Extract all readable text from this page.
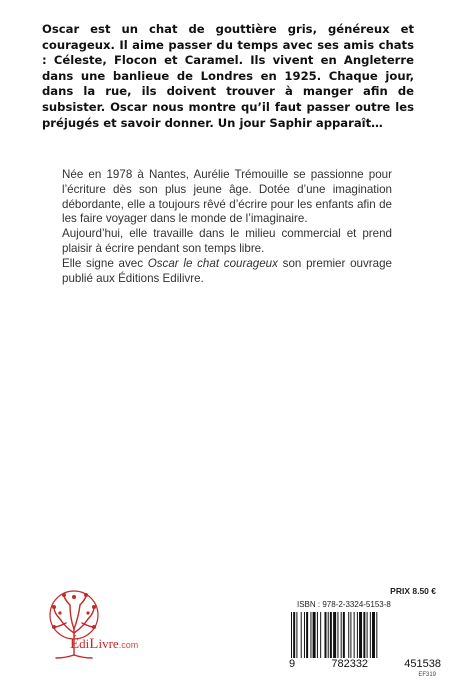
Oscar est un chat de gouttière gris, généreux et courageux. Il aime passer du temps avec ses amis chats : Céleste, Flocon et Caramel. Ils vivent en Angleterre dans une banlieue de Londres en 1925. Chaque jour, dans la rue, ils doivent trouver à manger afin de subsister. Oscar nous montre qu’il faut passer outre les préjugés et savoir donner. Un jour Saphir apparaît…

Née en 1978 à Nantes, Aurélie Trémouille se passionne pour l’écriture dès son plus jeune âge. Dotée d’une imagination débordante, elle a toujours rêvé d’écrire pour les enfants afin de les faire voyager dans le monde de l’imaginaire.

Aujourd’hui, elle travaille dans le milieu commercial et prend plaisir à écrire pendant son temps libre.

Elle signe avec Oscar le chat courageux son premier ouvrage publié aux Éditions Edilivre.

ÉdiLivre.com
PRIX 8.50 €
ISBN : 978-2-3324-5153-8
9	782332	451538
EF319
